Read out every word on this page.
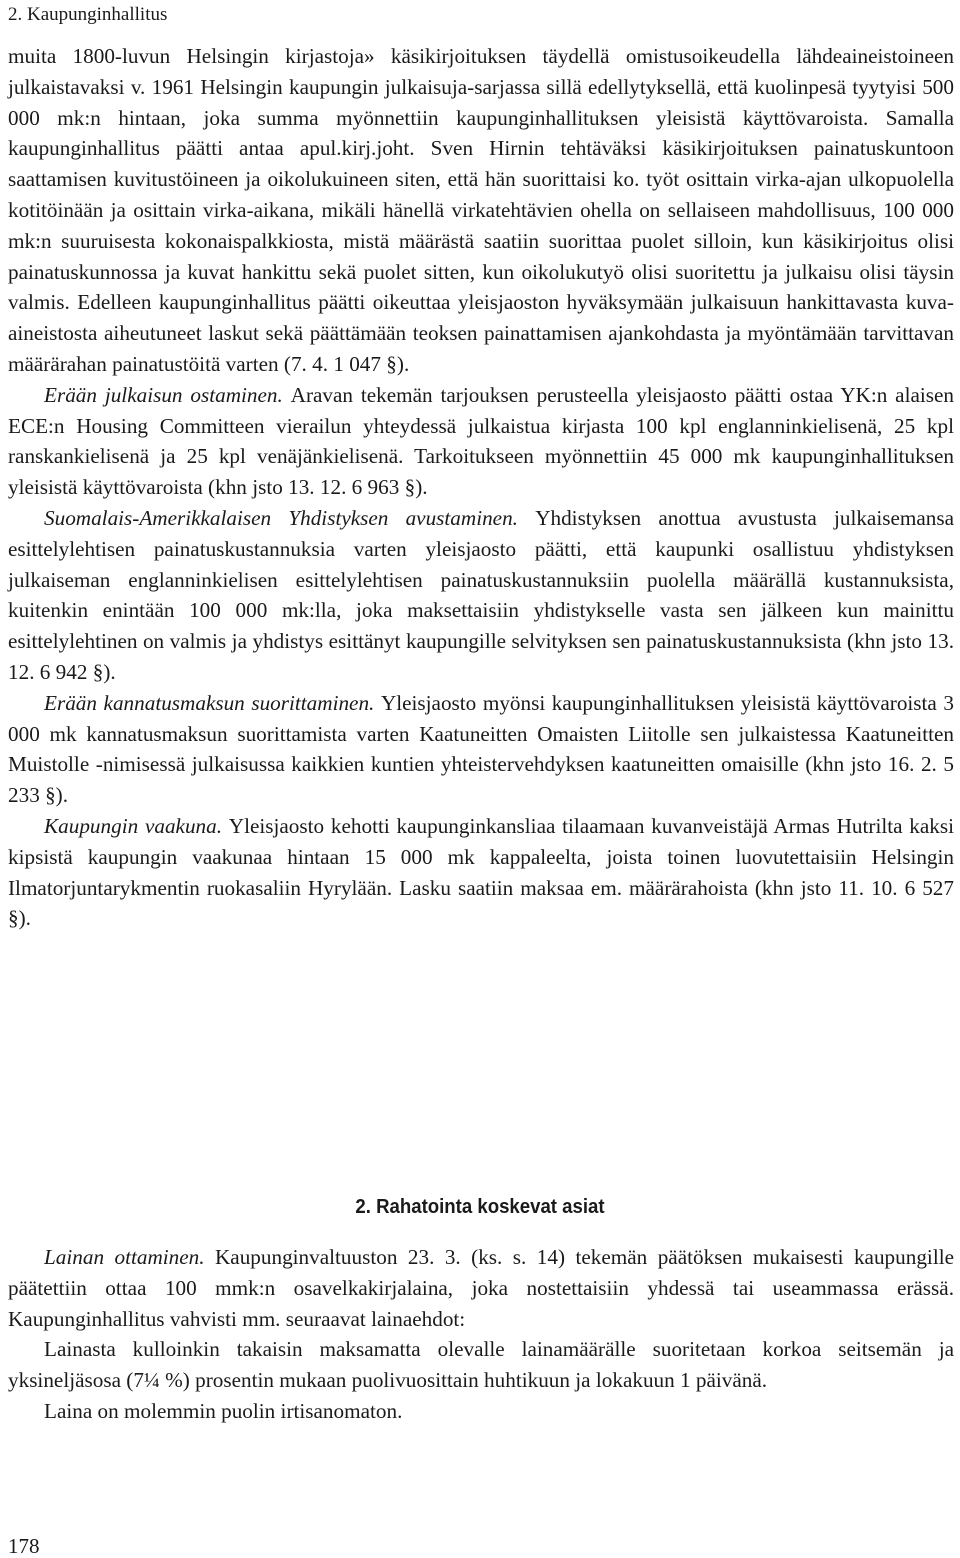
2. Kaupunginhallitus

muita 1800-luvun Helsingin kirjastoja» käsikirjoituksen täydellä omistusoikeudella lähdeaineistoineen julkaistavaksi v. 1961 Helsingin kaupungin julkaisuja-sarjassa sillä edellytyksellä, että kuolinpesä tyytyisi 500 000 mk:n hintaan, joka summa myönnettiin kaupunginhallituksen yleisistä käyttövaroista. Samalla kaupunginhallitus päätti antaa apul.kirj.joht. Sven Hirnin tehtäväksi käsikirjoituksen painatuskuntoon saattamisen kuvitustöineen ja oikolukuineen siten, että hän suorittaisi ko. työt osittain virka-ajan ulkopuolella kotitöinään ja osittain virka-aikana, mikäli hänellä virkatehtävien ohella on sellaiseen mahdollisuus, 100 000 mk:n suuruisesta kokonaispalkkiosta, mistä määrästä saatiin suorittaa puolet silloin, kun käsikirjoitus olisi painatuskunnossa ja kuvat hankittu sekä puolet sitten, kun oikolukutyö olisi suoritettu ja julkaisu olisi täysin valmis. Edelleen kaupunginhallitus päätti oikeuttaa yleisjaoston hyväksymään julkaisuun hankittavasta kuva-aineistosta aiheutuneet laskut sekä päättämään teoksen painattamisen ajankohdasta ja myöntämään tarvittavan määrärahan painatustöitä varten (7. 4. 1 047 §).

Erään julkaisun ostaminen. Aravan tekemän tarjouksen perusteella yleisjaosto päätti ostaa YK:n alaisen ECE:n Housing Committeen vierailun yhteydessä julkaistua kirjasta 100 kpl englanninkielisenä, 25 kpl ranskankielisenä ja 25 kpl venäjänkielisenä. Tarkoitukseen myönnettiin 45 000 mk kaupunginhallituksen yleisistä käyttövaroista (khn jsto 13. 12. 6 963 §).

Suomalais-Amerikkalaisen Yhdistyksen avustaminen. Yhdistyksen anottua avustusta julkaisemansa esittelylehtisen painatuskustannuksia varten yleisjaosto päätti, että kaupunki osallistuu yhdistyksen julkaiseman englanninkielisen esittelylehtisen painatuskustannuksiin puolella määrällä kustannuksista, kuitenkin enintään 100 000 mk:lla, joka maksettaisiin yhdistykselle vasta sen jälkeen kun mainittu esittelylehtinen on valmis ja yhdistys esittänyt kaupungille selvityksen sen painatuskustannuksista (khn jsto 13. 12. 6 942 §).

Erään kannatusmaksun suorittaminen. Yleisjaosto myönsi kaupunginhallituksen yleisistä käyttövaroista 3 000 mk kannatusmaksun suorittamista varten Kaatuneitten Omaisten Liitolle sen julkaistessa Kaatuneitten Muistolle -nimisessä julkaisussa kaikkien kuntien yhteistervehdyksen kaatuneitten omaisille (khn jsto 16. 2. 5 233 §).

Kaupungin vaakuna. Yleisjaosto kehotti kaupunginkansliaa tilaamaan kuvanveistäjä Armas Hutrilta kaksi kipsistä kaupungin vaakunaa hintaan 15 000 mk kappaleelta, joista toinen luovutettaisiin Helsingin Ilmatorjuntarykmentin ruokasaliin Hyrylään. Lasku saatiin maksaa em. määrärahoista (khn jsto 11. 10. 6 527 §).

2. Rahatointa koskevat asiat

Lainan ottaminen. Kaupunginvaltuuston 23. 3. (ks. s. 14) tekemän päätöksen mukaisesti kaupungille päätettiin ottaa 100 mmk:n osavelkakirjalaina, joka nostettaisiin yhdessä tai useammassa erässä. Kaupunginhallitus vahvisti mm. seuraavat lainaehdot:

Lainasta kulloinkin takaisin maksamatta olevalle lainamäärälle suoritetaan korkoa seitsemän ja yksineljäsosa (7¼ %) prosentin mukaan puolivuosittain huhtikuun ja lokakuun 1 päivänä.

Laina on molemmin puolin irtisanomaton.

178
